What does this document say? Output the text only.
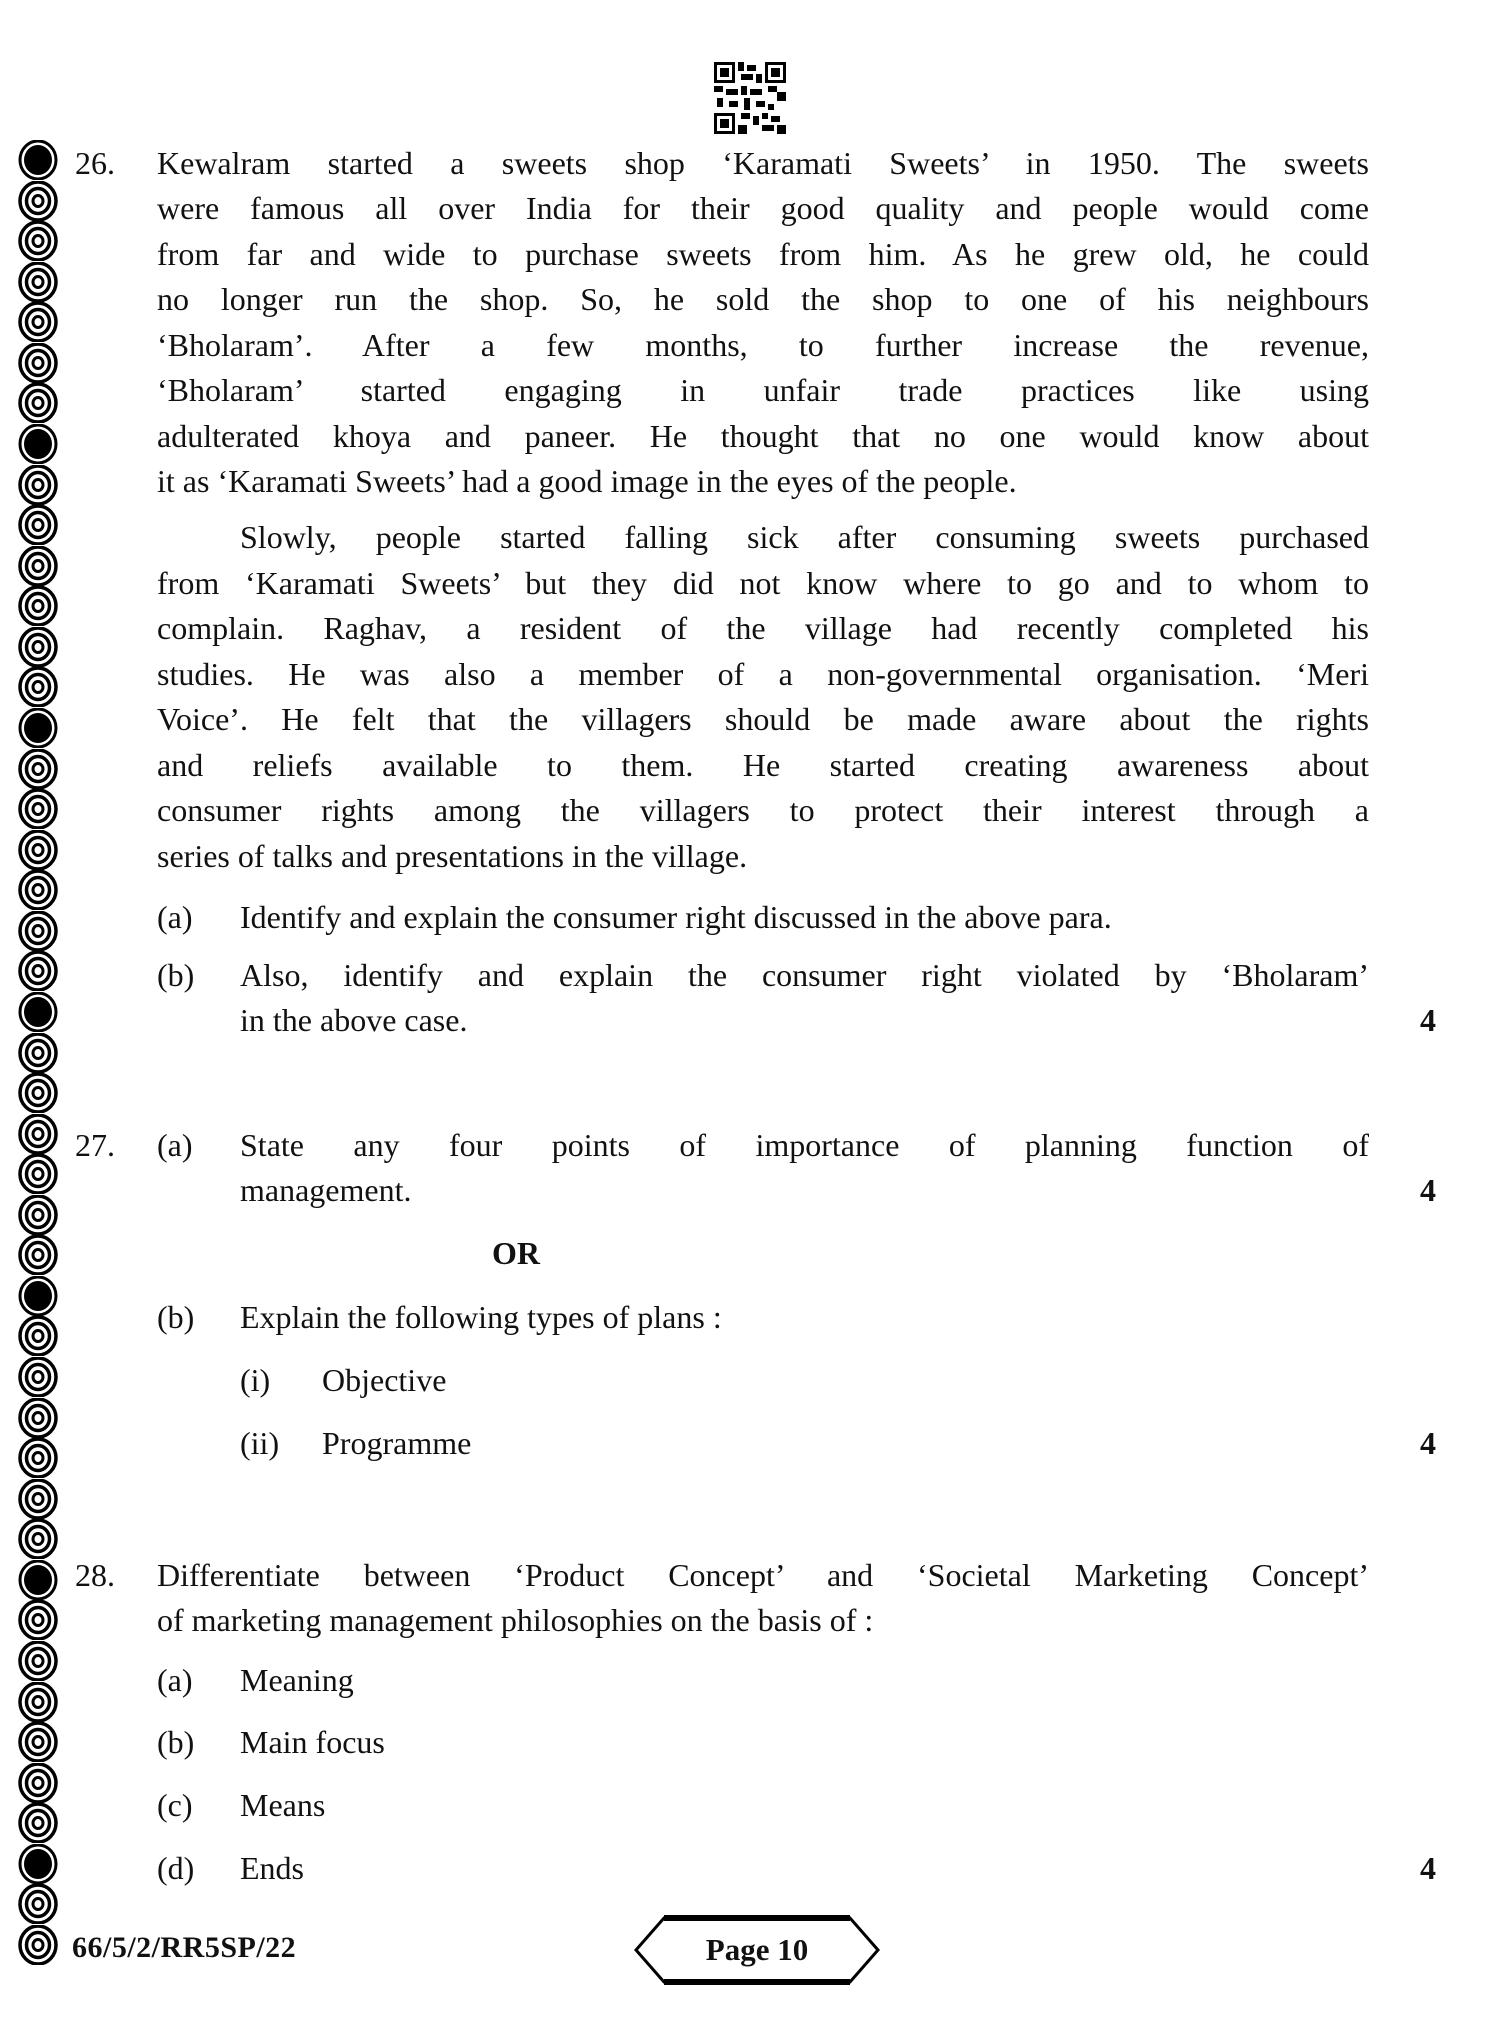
26. Kewalram started a sweets shop ‘Karamati Sweets’ in 1950. The sweets
were famous all over India for their good quality and people would come
from far and wide to purchase sweets from him. As he grew old, he could
no longer run the shop. So, he sold the shop to one of his neighbours
‘Bholaram’. After a few months, to further increase the revenue,
‘Bholaram’ started engaging in unfair trade practices like using
adulterated khoya and paneer. He thought that no one would know about
it as ‘Karamati Sweets’ had a good image in the eyes of the people.
Slowly, people started falling sick after consuming sweets purchased
from ‘Karamati Sweets’ but they did not know where to go and to whom to
complain. Raghav, a resident of the village had recently completed his
studies. He was also a member of a non-governmental organisation. ‘Meri
Voice’. He felt that the villagers should be made aware about the rights
and reliefs available to them. He started creating awareness about
consumer rights among the villagers to protect their interest through a
series of talks and presentations in the village.
(a) Identify and explain the consumer right discussed in the above para.
(b) Also, identify and explain the consumer right violated by ‘Bholaram’
in the above case.	4
27. (a) State any four points of importance of planning function of
management.	4
OR
(b) Explain the following types of plans :
(i) Objective
(ii) Programme	4
28. Differentiate between ‘Product Concept’ and ‘Societal Marketing Concept’
of marketing management philosophies on the basis of :
(a) Meaning
(b) Main focus
(c) Means
(d) Ends	4
66/5/2/RR5SP/22	Page 10
